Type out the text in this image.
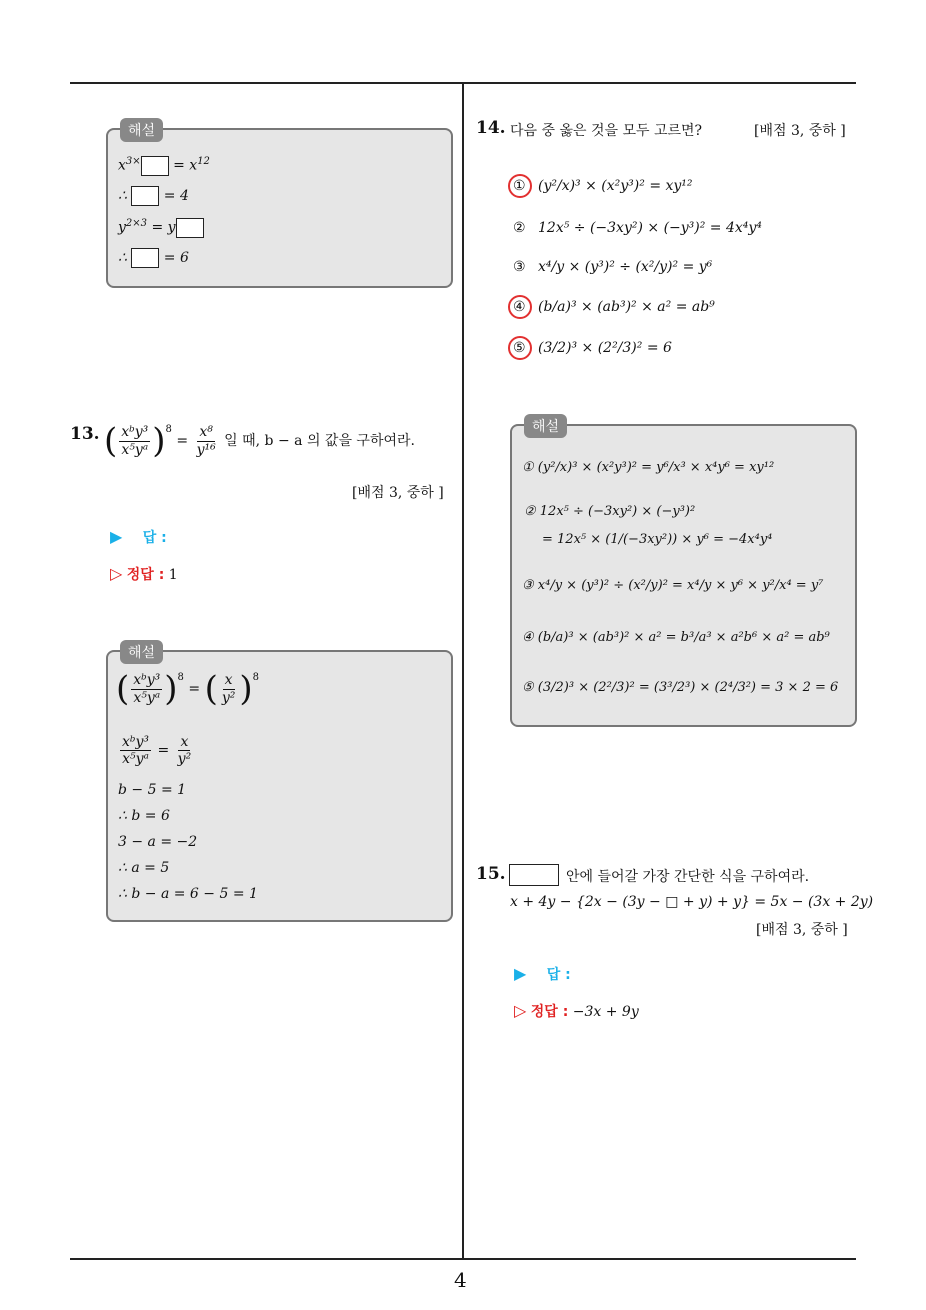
4
해설
$x^{3\times} = x^{12}$
∴  = 4
$y^{2\times 3} = y$
∴  = 6
13. ( $\frac{\text{xᵇy³}}{\text{x⁵yᵃ}} )^8 = \frac{\text{x⁸}}{\text{y¹⁶}}$ 일 때, b − a 의 값을 구하여라.
[배점 3, 중하 ]
▶ 답 :
▷ 정답 : 1
해설
( $\frac{\text{xᵇy³}}{\text{x⁵yᵃ}} )^8$ = ( $\frac{x}{\text{y²}} )^8$
$\frac{\text{xᵇy³}}{\text{x⁵yᵃ}} = \frac{x}{\text{y²}}$
b − 5 = 1
∴ b = 6
3 − a = −2
∴ a = 5
∴ b − a = 6 − 5 = 1
14. 다음 중 옳은 것을 모두 고르면?	[배점 3, 중하 ]
(y²/x)³ × (x²y³)² = xy¹²
①
② 12x⁵ ÷ (−3xy²) × (−y³)² = 4x⁴y⁴
③ x⁴/y × (y³)² ÷ (x²/y)² = y⁶
④ (b/a)³ × (ab³)² × a² = ab⁹
⑤ (3/2)³ × (2²/3)² = 6
해설
① (y²/x)³ × (x²y³)² = y⁶/x³ × x⁴y⁶ = xy¹²
② 12x⁵ ÷ (−3xy²) × (−y³)²
= 12x⁵ × (1/(−3xy²)) × y⁶ = −4x⁴y⁴
③ x⁴/y × (y³)² ÷ (x²/y)² = x⁴/y × y⁶ × y²/x⁴ = y⁷
④ (b/a)³ × (ab³)² × a² = b³/a³ × a²b⁶ × a² = ab⁹
⑤ (3/2)³ × (2²/3)² = (3³/2³) × (2⁴/3²) = 3 × 2 = 6
15.	안에 들어갈 가장 간단한 식을 구하여라.
x + 4y − {2x − (3y − □ + y) + y} = 5x − (3x + 2y)
[배점 3, 중하 ]
▶ 답 :
▷ 정답 : −3x + 9y
